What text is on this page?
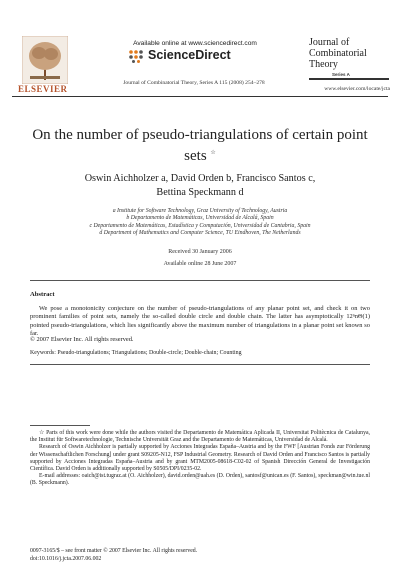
ELSEVIER
Available online at www.sciencedirect.com
ScienceDirect
Journal of Combinatorial Theory, Series A 115 (2008) 254–278
Journal of
Combinatorial
Theory
Series A
www.elsevier.com/locate/jcta
On the number of pseudo-triangulations of certain point sets ☆
Oswin Aichholzer a, David Orden b, Francisco Santos c,
Bettina Speckmann d
a Institute for Software Technology, Graz University of Technology, Austria
b Departamento de Matemáticas, Universidad de Alcalá, Spain
c Departamento de Matemáticas, Estadística y Computación, Universidad de Cantabria, Spain
d Department of Mathematics and Computer Science, TU Eindhoven, The Netherlands
Received 30 January 2006
Available online 28 June 2007
Abstract
We pose a monotonicity conjecture on the number of pseudo-triangulations of any planar point set, and check it on two prominent families of point sets, namely the so-called double circle and double chain. The latter has asymptotically 12ⁿnΘ(1) pointed pseudo-triangulations, which lies significantly above the maximum number of triangulations in a planar point set known so far.
© 2007 Elsevier Inc. All rights reserved.
Keywords: Pseudo-triangulations; Triangulations; Double-circle; Double-chain; Counting

☆ Parts of this work were done while the authors visited the Departamento de Matemática Aplicada II, Universitat Politècnica de Catalunya, the Institut für Softwaretechnologie, Technische Universität Graz and the Departamento de Matemáticas, Universidad de Alcalá.

Research of Oswin Aichholzer is partially supported by Acciones Integradas España–Austria and by the FWF [Austrian Fonds zur Förderung der Wissenschaftlichen Forschung] under grant S09205-N12, FSP Industrial Geometry. Research of David Orden and Francisco Santos is partially supported by Acciones Integradas España–Austria and by grant MTM2005-08618-C02-02 of Spanish Dirección General de Investigación Científica. David Orden is additionally supported by S0505/DPI/0235-02.

E-mail addresses: oaich@ist.tugraz.at (O. Aichholzer), david.orden@uah.es (D. Orden), santosf@unican.es (F. Santos), speckman@win.tue.nl (B. Speckmann).

0097-3165/$ – see front matter © 2007 Elsevier Inc. All rights reserved.
doi:10.1016/j.jcta.2007.06.002
